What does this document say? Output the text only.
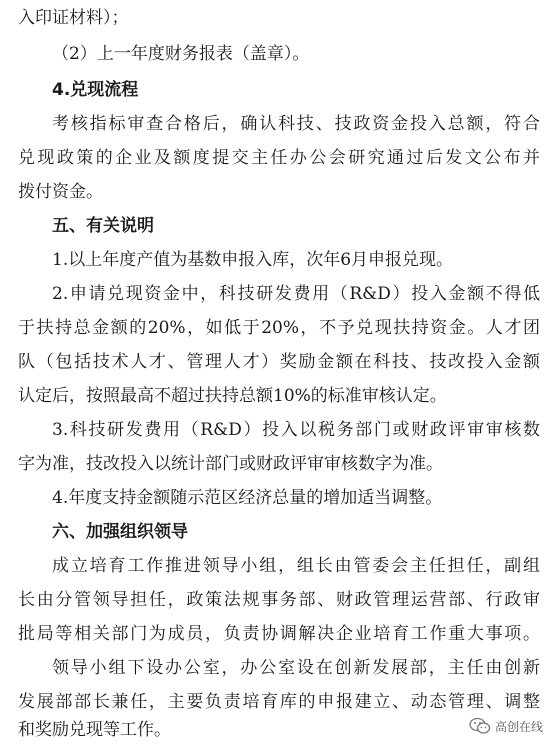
入印证材料）；
（2）上一年度财务报表（盖章）。
4.兑现流程
考核指标审查合格后，确认科技、技政资金投入总额，符合
兑现政策的企业及额度提交主任办公会研究通过后发文公布并
拨付资金。
五、有关说明
1.以上年度产值为基数申报入库，次年6月申报兑现。
2.申请兑现资金中，科技研发费用（R&D）投入金额不得低
于扶持总金额的20%，如低于20%，不予兑现扶持资金。人才团
队（包括技术人才、管理人才）奖励金额在科技、技改投入金额
认定后，按照最高不超过扶持总额10%的标准审核认定。
3.科技研发费用（R&D）投入以税务部门或财政评审审核数
字为准，技改投入以统计部门或财政评审审核数字为准。
4.年度支持金额随示范区经济总量的增加适当调整。
六、加强组织领导
成立培育工作推进领导小组，组长由管委会主任担任，副组
长由分管领导担任，政策法规事务部、财政管理运营部、行政审
批局等相关部门为成员，负责协调解决企业培育工作重大事项。
领导小组下设办公室，办公室设在创新发展部，主任由创新
发展部部长兼任，主要负责培育库的申报建立、动态管理、调整
和奖励兑现等工作。	高创在线
